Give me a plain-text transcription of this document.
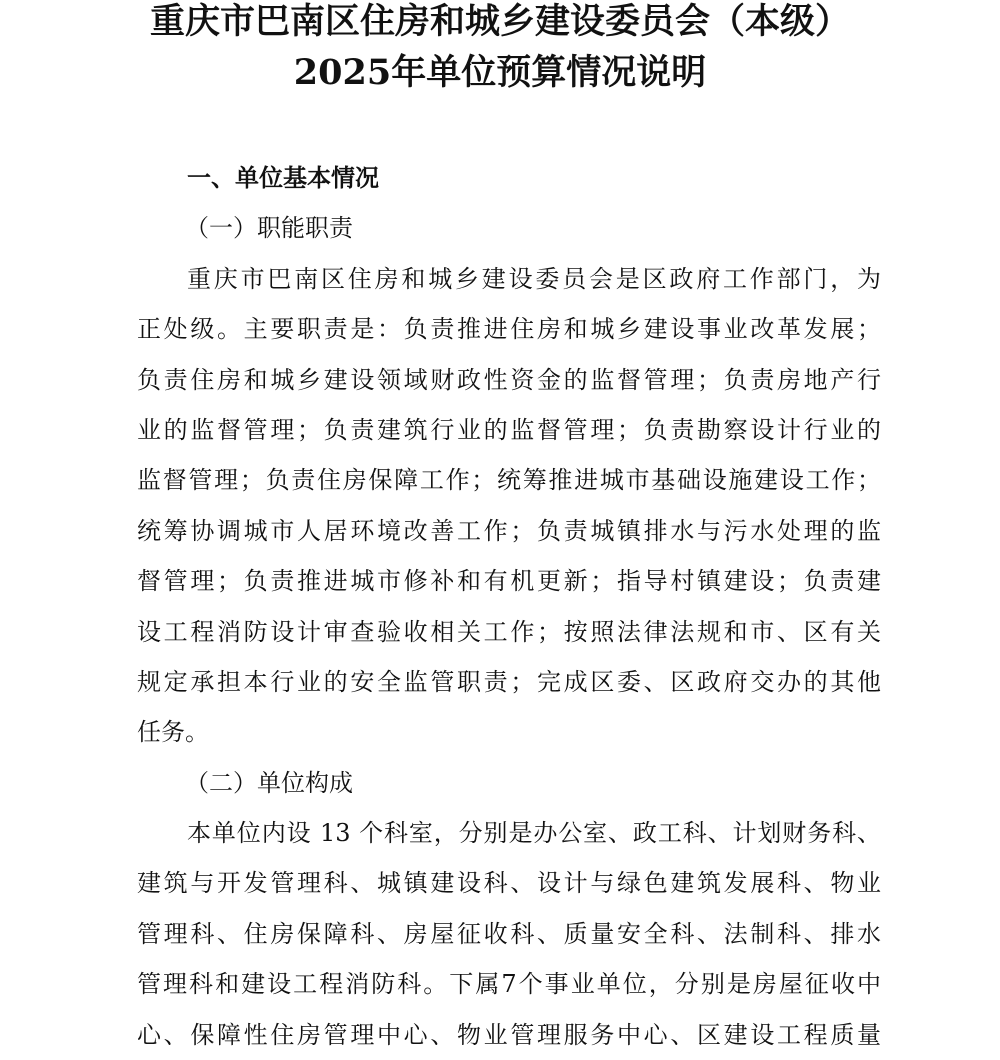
重庆市巴南区住房和城乡建设委员会（本级）
2025年单位预算情况说明
一、单位基本情况
（一）职能职责
重庆市巴南区住房和城乡建设委员会是区政府工作部门，为
正处级。主要职责是：负责推进住房和城乡建设事业改革发展；
负责住房和城乡建设领域财政性资金的监督管理；负责房地产行
业的监督管理；负责建筑行业的监督管理；负责勘察设计行业的
监督管理；负责住房保障工作；统筹推进城市基础设施建设工作；
统筹协调城市人居环境改善工作；负责城镇排水与污水处理的监
督管理；负责推进城市修补和有机更新；指导村镇建设；负责建
设工程消防设计审查验收相关工作；按照法律法规和市、区有关
规定承担本行业的安全监管职责；完成区委、区政府交办的其他
任务。
（二）单位构成
本单位内设 13 个科室，分别是办公室、政工科、计划财务科、
建筑与开发管理科、城镇建设科、设计与绿色建筑发展科、物业
管理科、住房保障科、房屋征收科、质量安全科、法制科、排水
管理科和建设工程消防科。下属7个事业单位，分别是房屋征收中
心、保障性住房管理中心、物业管理服务中心、区建设工程质量
